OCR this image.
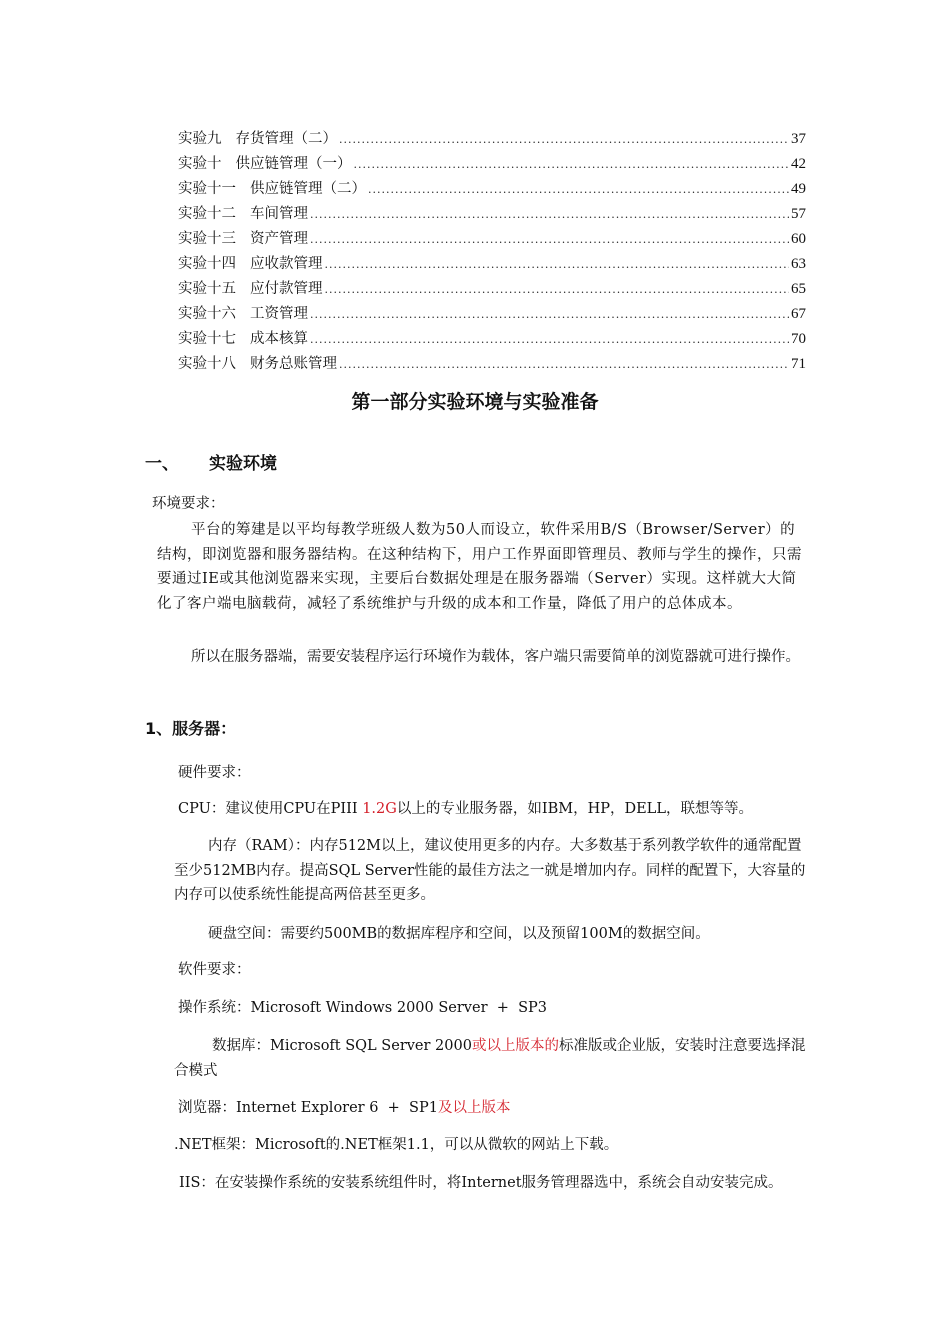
实验九 存货管理（二） .....	37
实验十 供应链管理（一） .....	42
实验十一 供应链管理（二） .....	49
实验十二 车间管理 .....	57
实验十三 资产管理 .....	60
实验十四 应收款管理 .....	63
实验十五 应付款管理 .....	65
实验十六 工资管理 .....	67
实验十七 成本核算 .....	70
实验十八 财务总账管理 .....	71
第一部分实验环境与实验准备
一、 实验环境
环境要求：
平台的筹建是以平均每教学班级人数为50人而设立，软件采用B/S（Browser/Server）的结构，即浏览器和服务器结构。在这种结构下，用户工作界面即管理员、教师与学生的操作，只需要通过IE或其他浏览器来实现，主要后台数据处理是在服务器端（Server）实现。这样就大大简化了客户端电脑载荷，减轻了系统维护与升级的成本和工作量，降低了用户的总体成本。
所以在服务器端，需要安装程序运行环境作为载体，客户端只需要简单的浏览器就可进行操作。
1、服务器：
硬件要求：
CPU：建议使用CPU在PIII 1.2G以上的专业服务器，如IBM，HP，DELL，联想等等。
内存（RAM）：内存512M以上，建议使用更多的内存。大多数基于系列教学软件的通常配置至少512MB内存。提高SQL Server性能的最佳方法之一就是增加内存。同样的配置下，大容量的内存可以使系统性能提高两倍甚至更多。
硬盘空间：需要约500MB的数据库程序和空间，以及预留100M的数据空间。
软件要求：
操作系统：Microsoft Windows 2000 Server  +  SP3
数据库：Microsoft SQL Server 2000或以上版本的标准版或企业版，安装时注意要选择混合模式
浏览器：Internet Explorer 6  +  SP1及以上版本
.NET框架：Microsoft的.NET框架1.1，可以从微软的网站上下载。
IIS：在安装操作系统的安装系统组件时，将Internet服务管理器选中，系统会自动安装完成。
